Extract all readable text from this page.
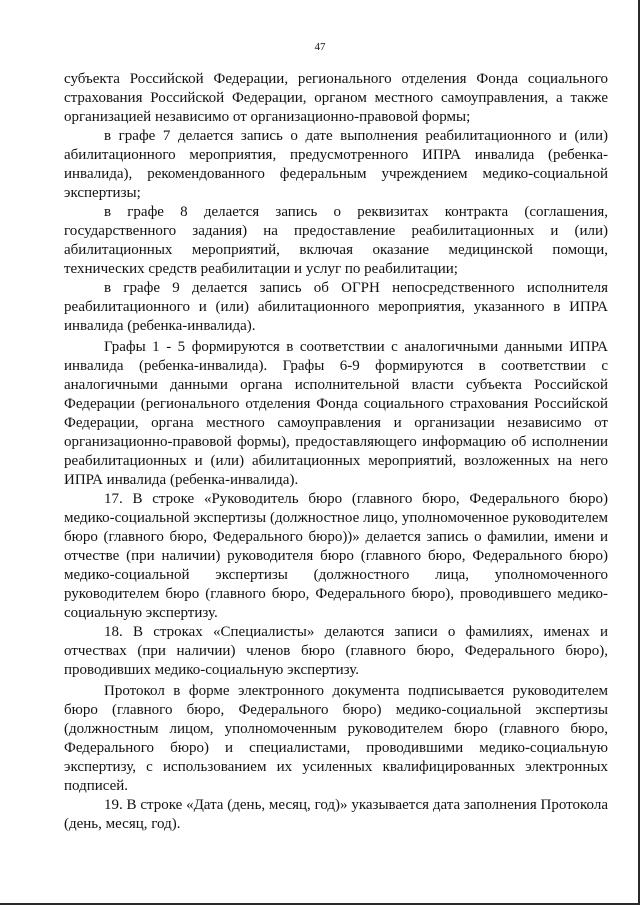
47

субъекта Российской Федерации, регионального отделения Фонда социального страхования Российской Федерации, органом местного самоуправления, а также организацией независимо от организационно-правовой формы;

в графе 7 делается запись о дате выполнения реабилитационного и (или) абилитационного мероприятия, предусмотренного ИПРА инвалида (ребенка-инвалида), рекомендованного федеральным учреждением медико-социальной экспертизы;

в графе 8 делается запись о реквизитах контракта (соглашения, государственного задания) на предоставление реабилитационных и (или) абилитационных мероприятий, включая оказание медицинской помощи, технических средств реабилитации и услуг по реабилитации;

в графе 9 делается запись об ОГРН непосредственного исполнителя реабилитационного и (или) абилитационного мероприятия, указанного в ИПРА инвалида (ребенка-инвалида).

Графы 1 - 5 формируются в соответствии с аналогичными данными ИПРА инвалида (ребенка-инвалида). Графы 6-9 формируются в соответствии с аналогичными данными органа исполнительной власти субъекта Российской Федерации (регионального отделения Фонда социального страхования Российской Федерации, органа местного самоуправления и организации независимо от организационно-правовой формы), предоставляющего информацию об исполнении реабилитационных и (или) абилитационных мероприятий, возложенных на него ИПРА инвалида (ребенка-инвалида).

17. В строке «Руководитель бюро (главного бюро, Федерального бюро) медико-социальной экспертизы (должностное лицо, уполномоченное руководителем бюро (главного бюро, Федерального бюро))» делается запись о фамилии, имени и отчестве (при наличии) руководителя бюро (главного бюро, Федерального бюро) медико-социальной экспертизы (должностного лица, уполномоченного руководителем бюро (главного бюро, Федерального бюро), проводившего медико-социальную экспертизу.

18. В строках «Специалисты» делаются записи о фамилиях, именах и отчествах (при наличии) членов бюро (главного бюро, Федерального бюро), проводивших медико-социальную экспертизу.

Протокол в форме электронного документа подписывается руководителем бюро (главного бюро, Федерального бюро) медико-социальной экспертизы (должностным лицом, уполномоченным руководителем бюро (главного бюро, Федерального бюро) и специалистами, проводившими медико-социальную экспертизу, с использованием их усиленных квалифицированных электронных подписей.

19. В строке «Дата (день, месяц, год)» указывается дата заполнения Протокола (день, месяц, год).
